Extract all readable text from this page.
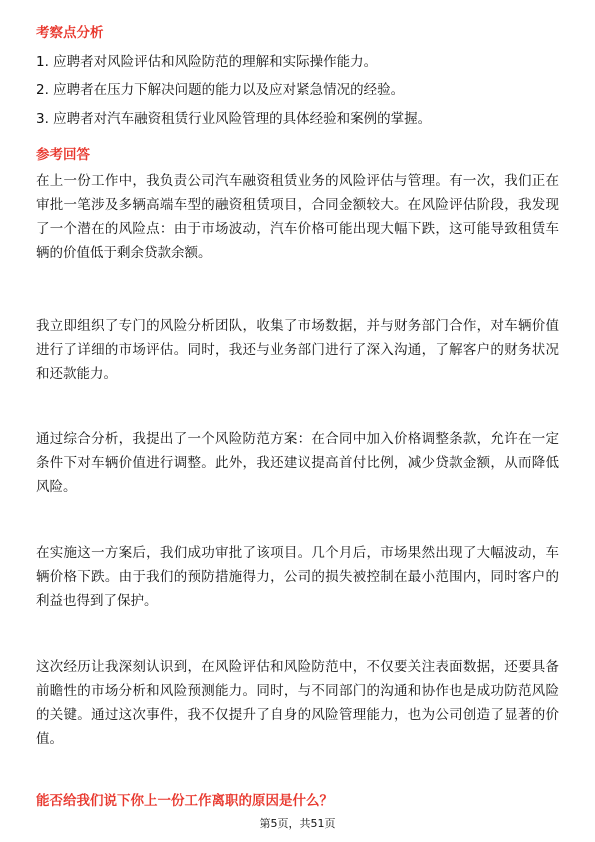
考察点分析
1. 应聘者对风险评估和风险防范的理解和实际操作能力。
2. 应聘者在压力下解决问题的能力以及应对紧急情况的经验。
3. 应聘者对汽车融资租赁行业风险管理的具体经验和案例的掌握。
参考回答
在上一份工作中，我负责公司汽车融资租赁业务的风险评估与管理。有一次，我们正在审批一笔涉及多辆高端车型的融资租赁项目，合同金额较大。在风险评估阶段，我发现了一个潜在的风险点：由于市场波动，汽车价格可能出现大幅下跌，这可能导致租赁车辆的价值低于剩余贷款余额。
我立即组织了专门的风险分析团队，收集了市场数据，并与财务部门合作，对车辆价值进行了详细的市场评估。同时，我还与业务部门进行了深入沟通，了解客户的财务状况和还款能力。
通过综合分析，我提出了一个风险防范方案：在合同中加入价格调整条款，允许在一定条件下对车辆价值进行调整。此外，我还建议提高首付比例，减少贷款金额，从而降低风险。
在实施这一方案后，我们成功审批了该项目。几个月后，市场果然出现了大幅波动，车辆价格下跌。由于我们的预防措施得力，公司的损失被控制在最小范围内，同时客户的利益也得到了保护。
这次经历让我深刻认识到，在风险评估和风险防范中，不仅要关注表面数据，还要具备前瞻性的市场分析和风险预测能力。同时，与不同部门的沟通和协作也是成功防范风险的关键。通过这次事件，我不仅提升了自身的风险管理能力，也为公司创造了显著的价值。
能否给我们说下你上一份工作离职的原因是什么？
第5页，共51页
